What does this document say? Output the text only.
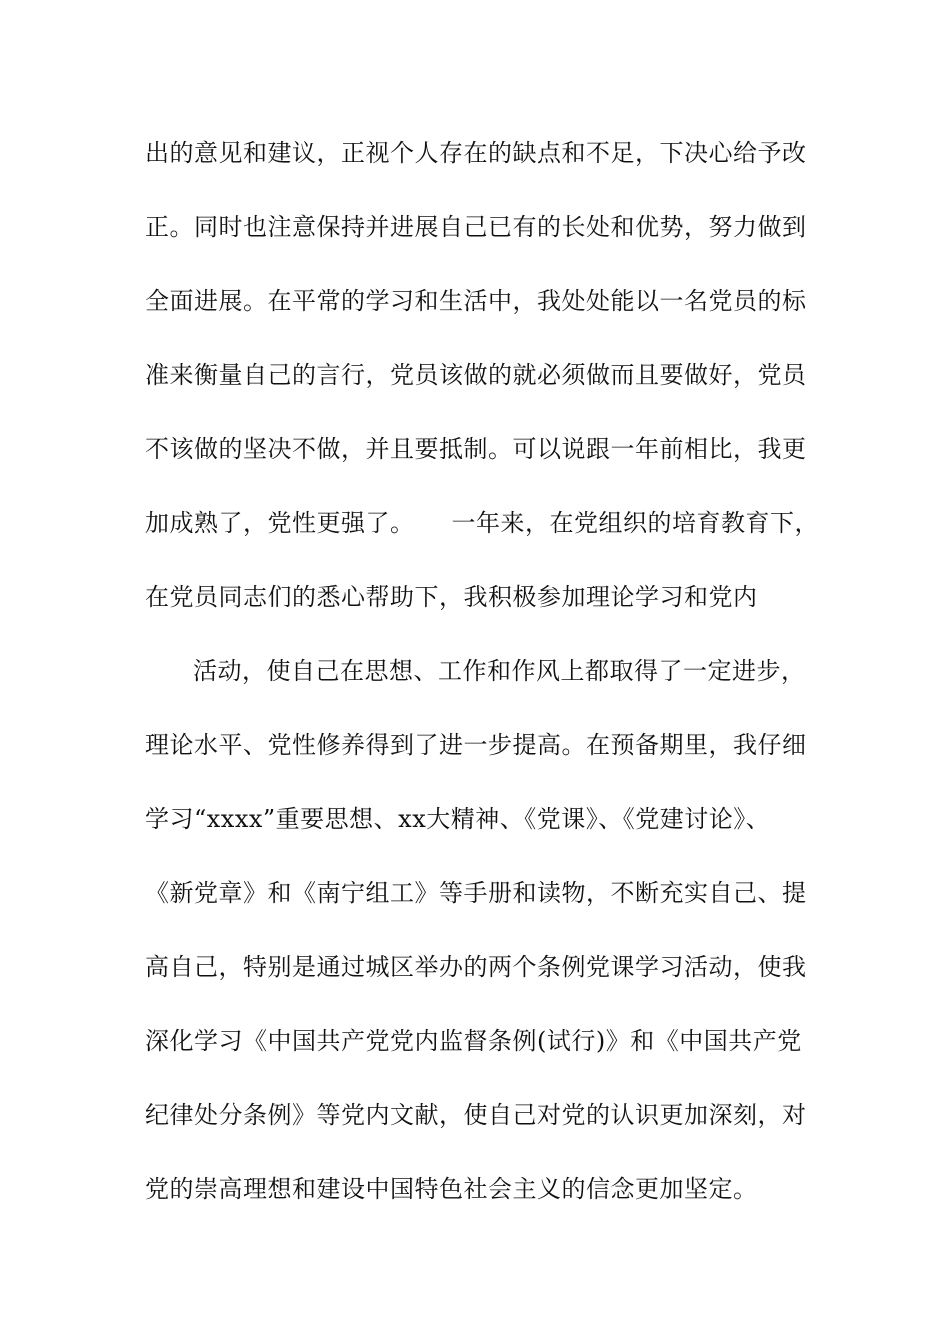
出的意见和建议，正视个人存在的缺点和不足，下决心给予改
正。同时也注意保持并进展自己已有的长处和优势，努力做到
全面进展。在平常的学习和生活中，我处处能以一名党员的标
准来衡量自己的言行，党员该做的就必须做而且要做好，党员
不该做的坚决不做，并且要抵制。可以说跟一年前相比，我更
加成熟了，党性更强了。　　一年来，在党组织的培育教育下，
在党员同志们的悉心帮助下，我积极参加理论学习和党内
活动，使自己在思想、工作和作风上都取得了一定进步，
理论水平、党性修养得到了进一步提高。在预备期里，我仔细
学习“xxxx”重要思想、xx大精神、《党课》、《党建讨论》、
《新党章》和《南宁组工》等手册和读物，不断充实自己、提
高自己，特别是通过城区举办的两个条例党课学习活动，使我
深化学习《中国共产党党内监督条例(试行)》和《中国共产党
纪律处分条例》等党内文献，使自己对党的认识更加深刻，对
党的崇高理想和建设中国特色社会主义的信念更加坚定。
